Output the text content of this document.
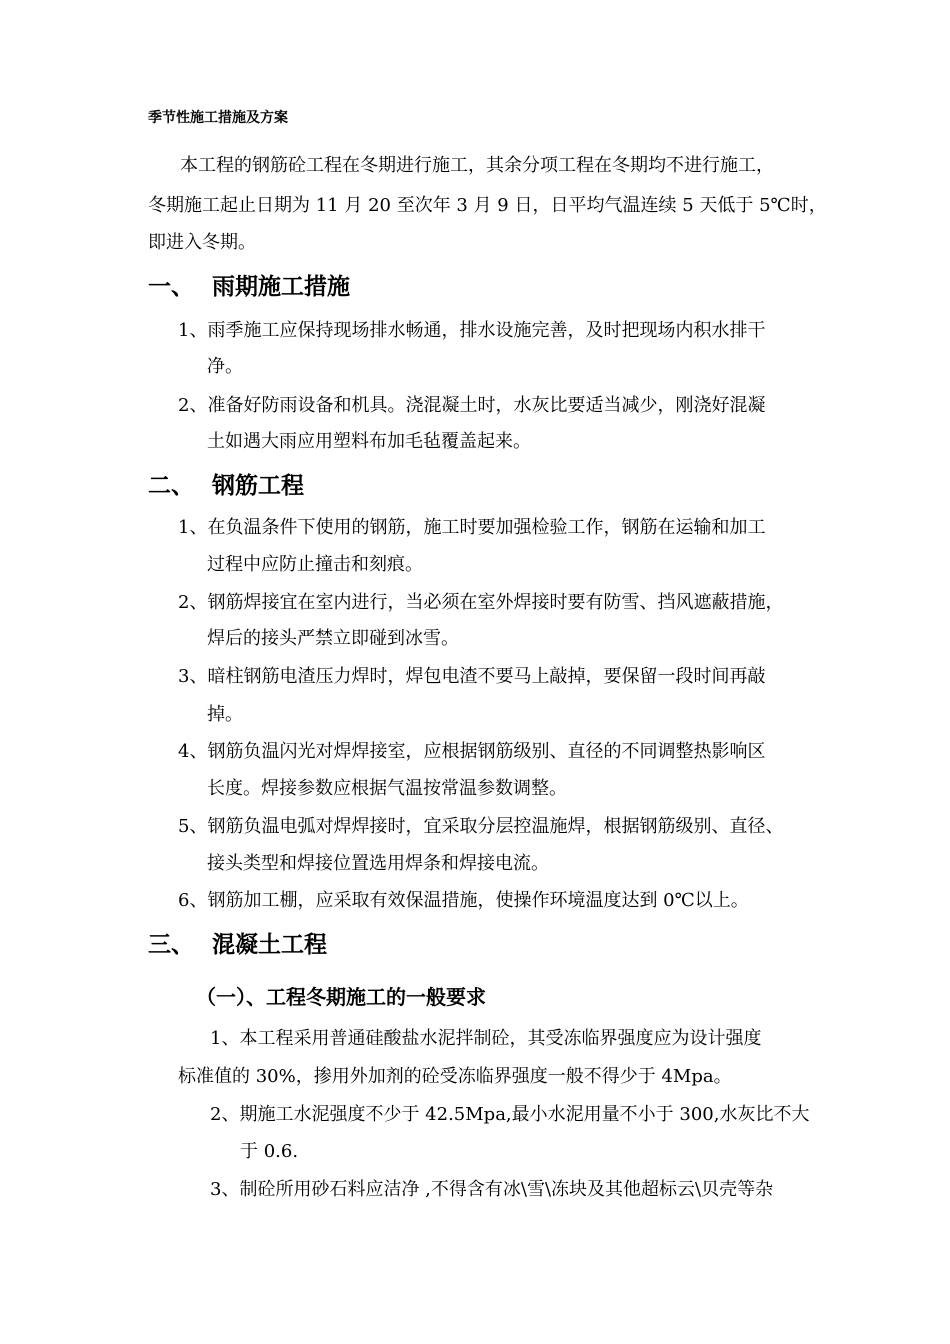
季节性施工措施及方案
本工程的钢筋砼工程在冬期进行施工，其余分项工程在冬期均不进行施工，
冬期施工起止日期为 11 月 20 至次年 3 月 9 日，日平均气温连续 5 天低于 5℃时，
即进入冬期。
一、 雨期施工措施
1、雨季施工应保持现场排水畅通，排水设施完善，及时把现场内积水排干
净。
2、准备好防雨设备和机具。浇混凝土时，水灰比要适当减少，刚浇好混凝
土如遇大雨应用塑料布加毛毡覆盖起来。
二、 钢筋工程
1、在负温条件下使用的钢筋，施工时要加强检验工作，钢筋在运输和加工
过程中应防止撞击和刻痕。
2、钢筋焊接宜在室内进行，当必须在室外焊接时要有防雪、挡风遮蔽措施，
焊后的接头严禁立即碰到冰雪。
3、暗柱钢筋电渣压力焊时，焊包电渣不要马上敲掉，要保留一段时间再敲
掉。
4、钢筋负温闪光对焊焊接室，应根据钢筋级别、直径的不同调整热影响区
长度。焊接参数应根据气温按常温参数调整。
5、钢筋负温电弧对焊焊接时，宜采取分层控温施焊，根据钢筋级别、直径、
接头类型和焊接位置选用焊条和焊接电流。
6、钢筋加工棚，应采取有效保温措施，使操作环境温度达到 0℃以上。
三、 混凝土工程
（一）、工程冬期施工的一般要求
1、本工程采用普通硅酸盐水泥拌制砼，其受冻临界强度应为设计强度
标准值的 30%，掺用外加剂的砼受冻临界强度一般不得少于 4Mpa。
2、期施工水泥强度不少于 42.5Mpa,最小水泥用量不小于 300,水灰比不大
于 0.6.
3、制砼所用砂石料应洁净 ,不得含有冰\雪\冻块及其他超标云\贝壳等杂
